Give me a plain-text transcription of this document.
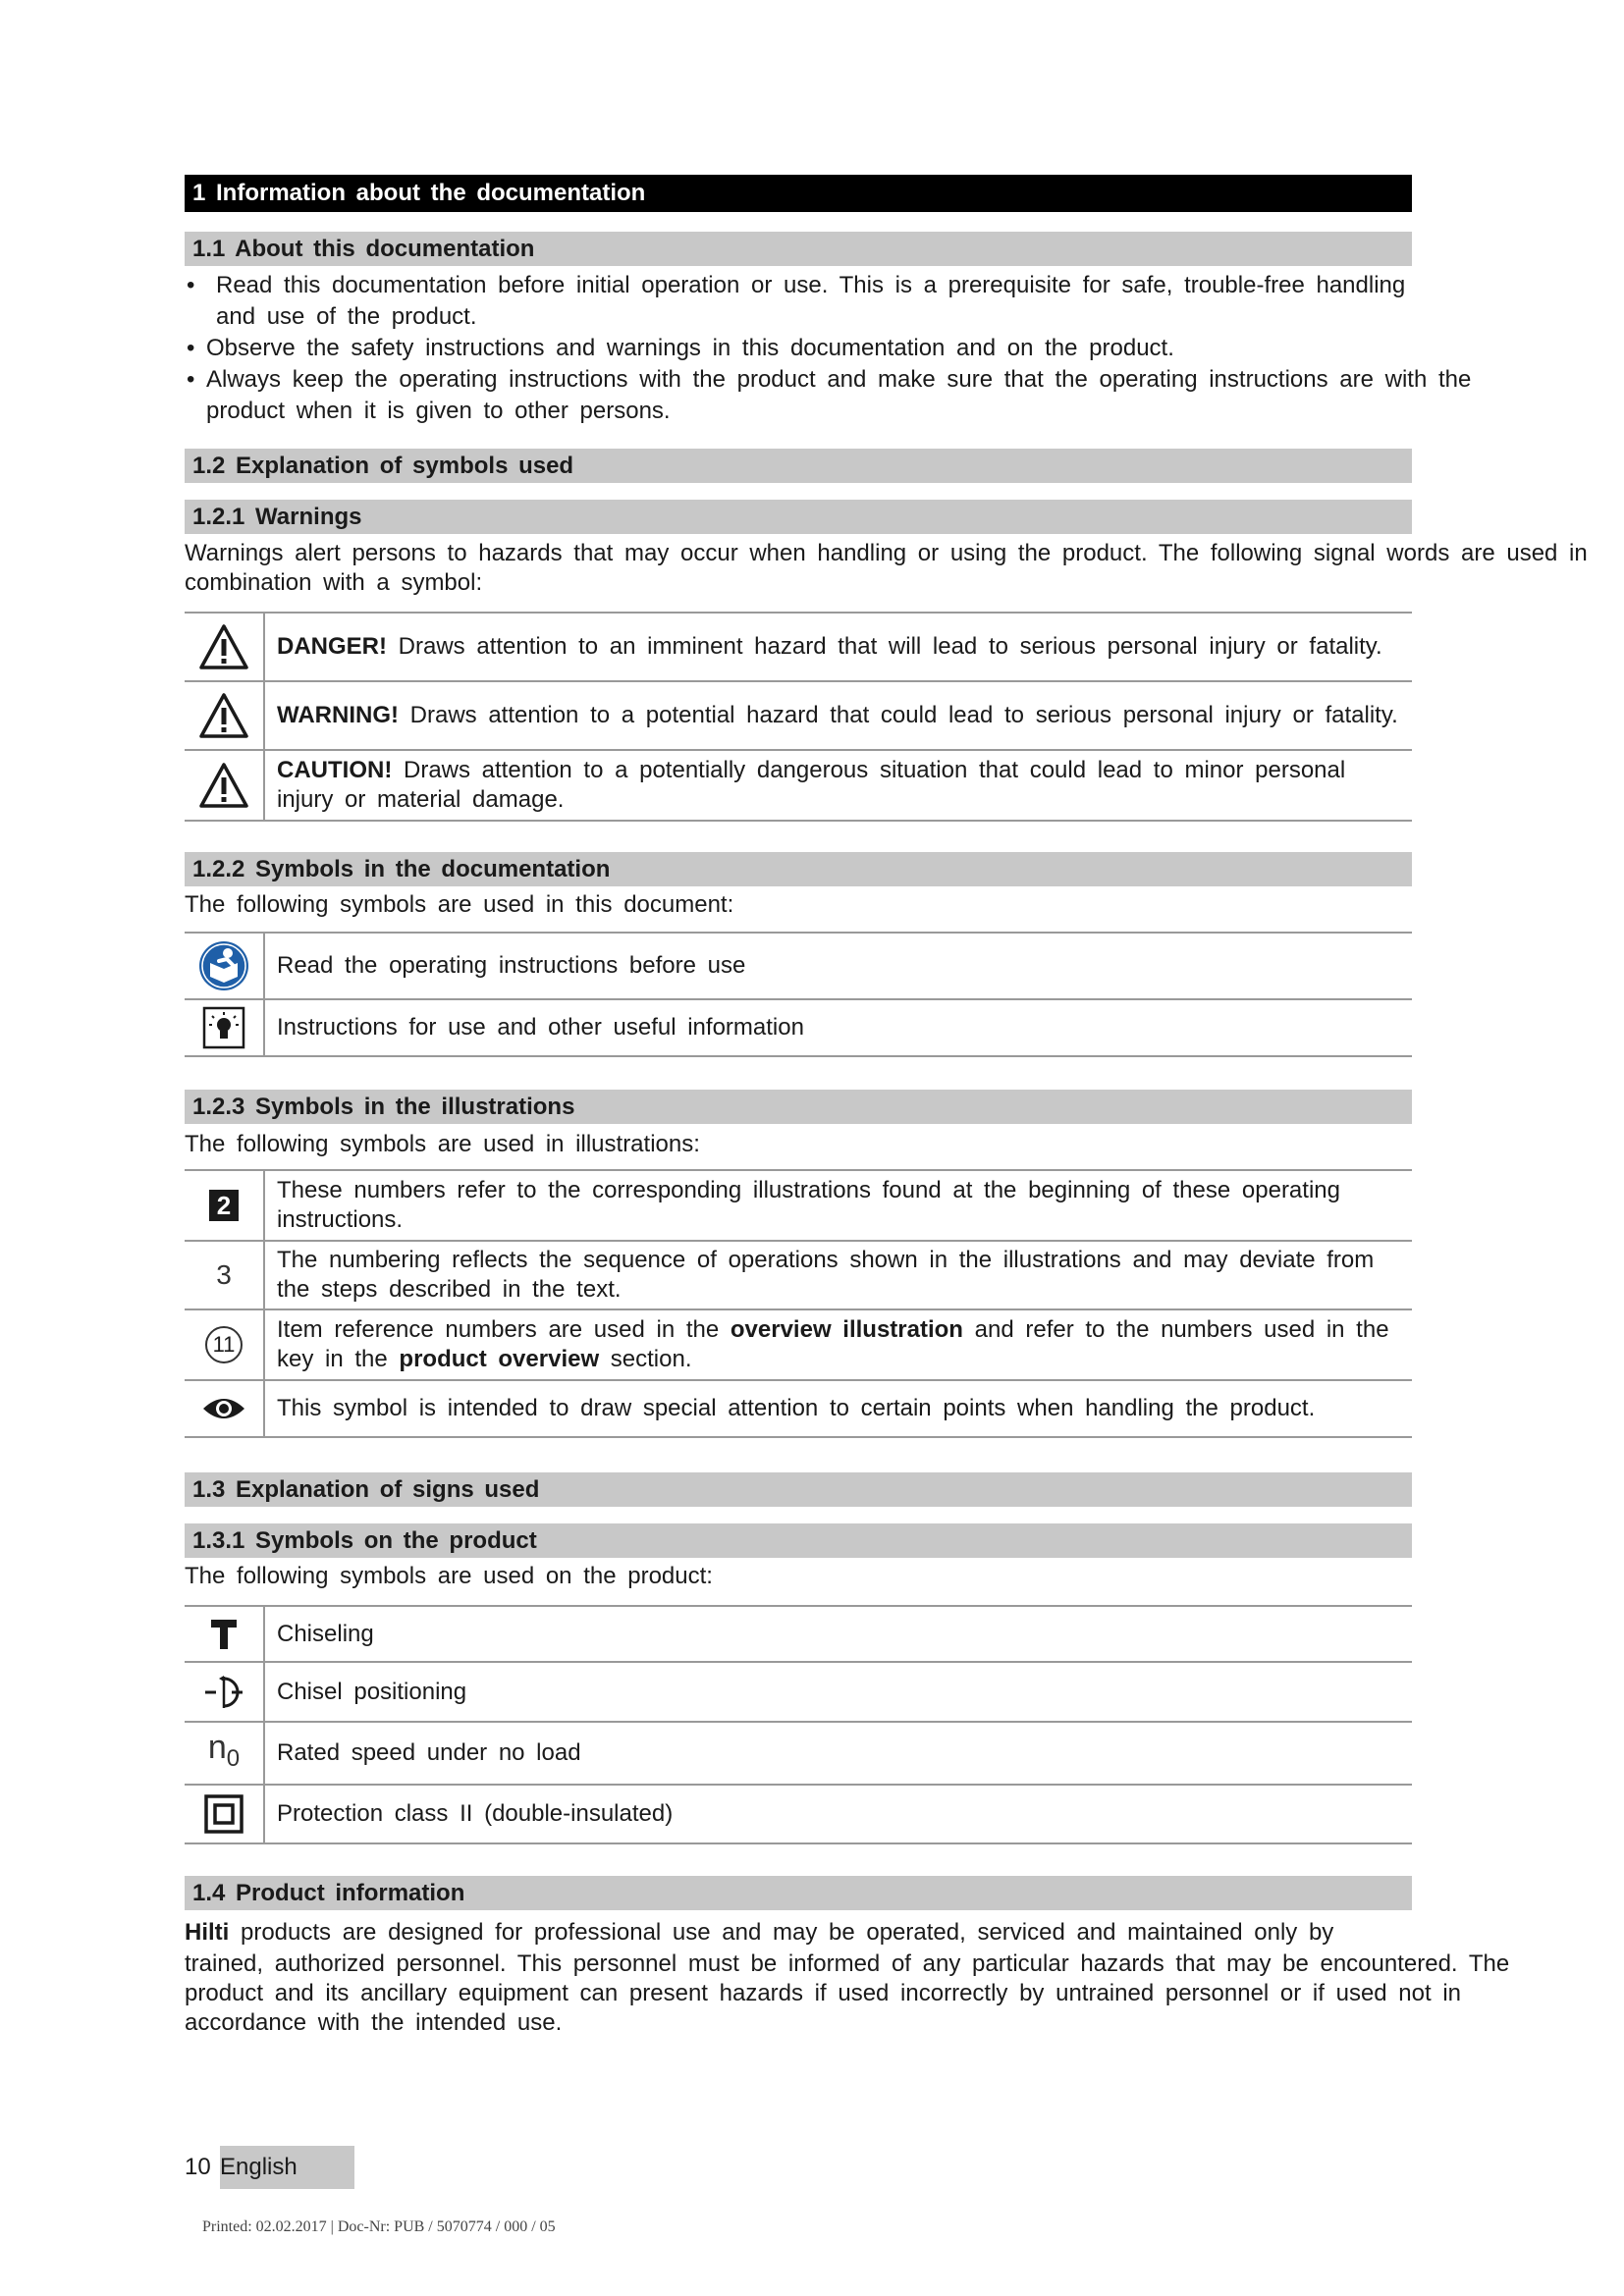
1 Information about the documentation
1.1 About this documentation
• Read this documentation before initial operation or use. This is a prerequisite for safe, trouble-free handling and use of the product.
• Observe the safety instructions and warnings in this documentation and on the product.
• Always keep the operating instructions with the product and make sure that the operating instructions are with the product when it is given to other persons.
1.2 Explanation of symbols used
1.2.1 Warnings
Warnings alert persons to hazards that may occur when handling or using the product. The following signal words are used in combination with a symbol:
	DANGER! Draws attention to an imminent hazard that will lead to serious personal injury or fatality.

	WARNING! Draws attention to a potential hazard that could lead to serious personal injury or fatality.

	CAUTION! Draws attention to a potentially dangerous situation that could lead to minor personal injury or material damage.
1.2.2 Symbols in the documentation
The following symbols are used in this document:
	Read the operating instructions before use

	Instructions for use and other useful information
1.2.3 Symbols in the illustrations
The following symbols are used in illustrations:
2	These numbers refer to the corresponding illustrations found at the beginning of these operating instructions.

3	The numbering reflects the sequence of operations shown in the illustrations and may deviate from the steps described in the text.
11	Item reference numbers are used in the overview illustration and refer to the numbers used in the key in the product overview section.

	This symbol is intended to draw special attention to certain points when handling the product.
1.3 Explanation of signs used
1.3.1 Symbols on the product
The following symbols are used on the product:
	Chiseling

	Chisel positioning
$n_0$	Rated speed under no load

	Protection class II (double-insulated)
1.4 Product information
Hilti products are designed for professional use and may be operated, serviced and maintained only by
trained, authorized personnel. This personnel must be informed of any particular hazards that may be encountered. The product and its ancillary equipment can present hazards if used incorrectly by untrained personnel or if used not in accordance with the intended use.
10 English
Printed: 02.02.2017 | Doc-Nr: PUB / 5070774 / 000 / 05
